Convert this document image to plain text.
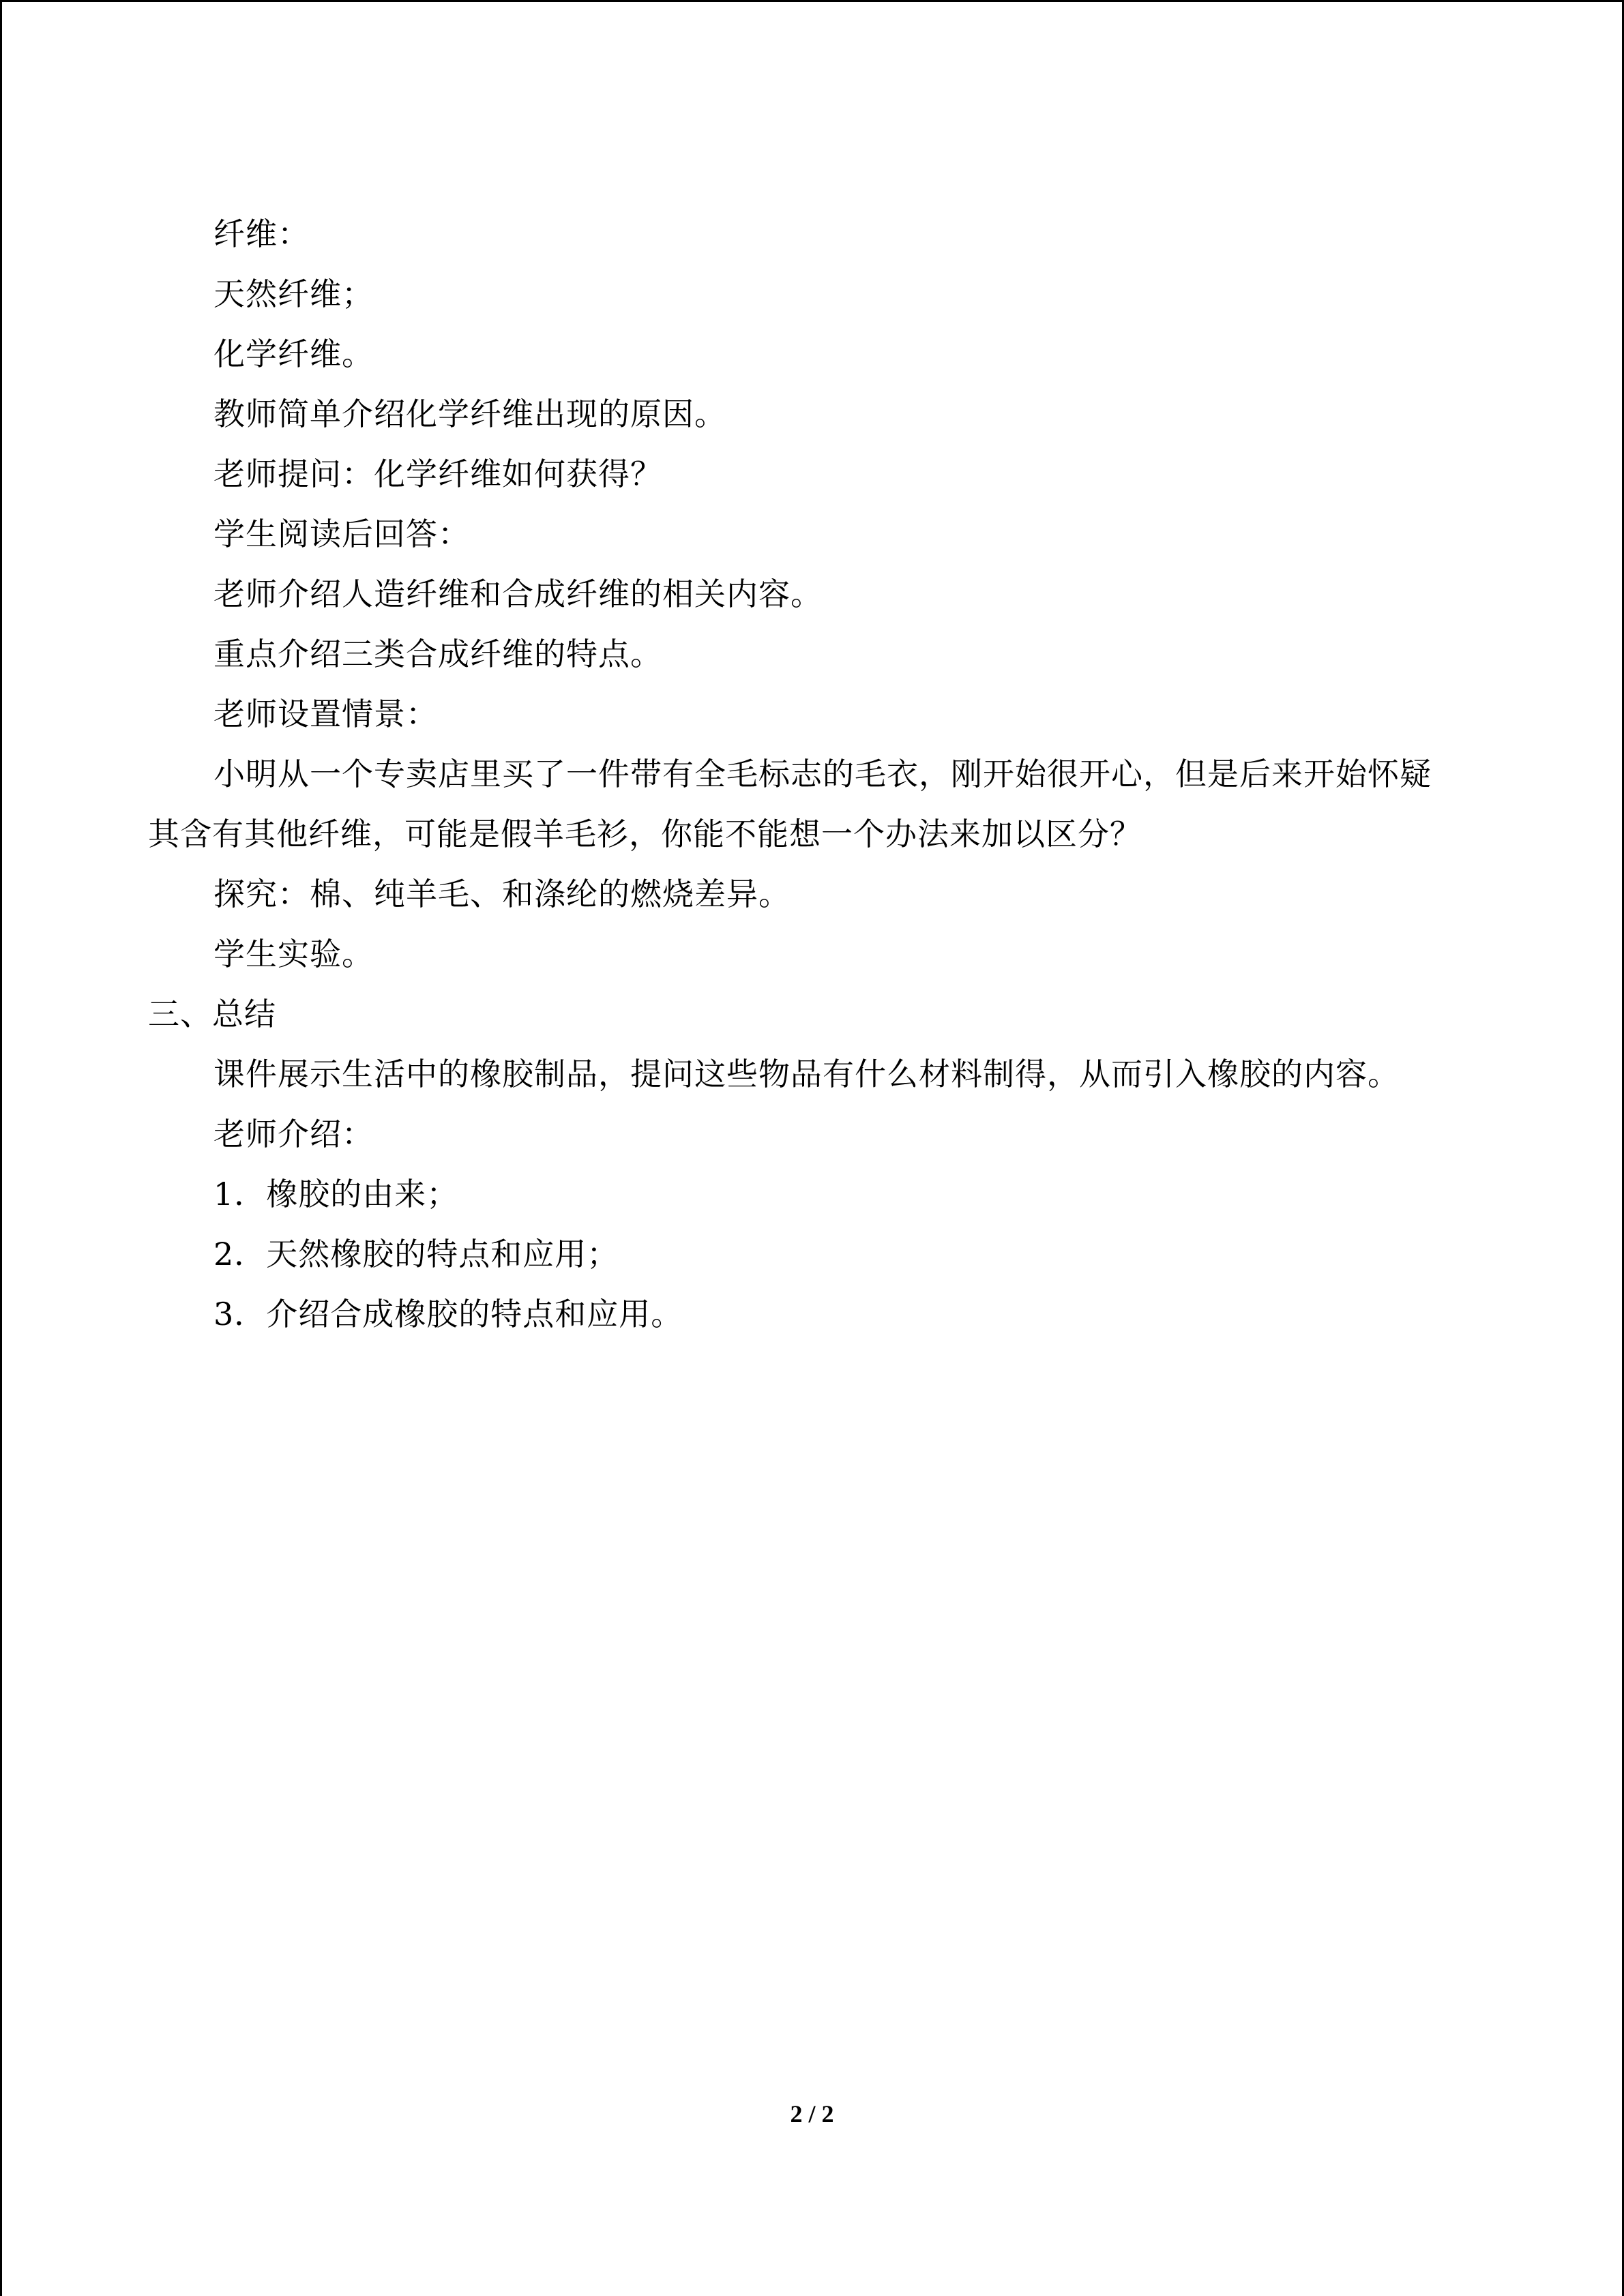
纤维：
天然纤维；
化学纤维。
教师简单介绍化学纤维出现的原因。
老师提问：化学纤维如何获得？
学生阅读后回答：
老师介绍人造纤维和合成纤维的相关内容。
重点介绍三类合成纤维的特点。
老师设置情景：
小明从一个专卖店里买了一件带有全毛标志的毛衣，刚开始很开心，但是后来开始怀疑
其含有其他纤维，可能是假羊毛衫，你能不能想一个办法来加以区分？
探究：棉、纯羊毛、和涤纶的燃烧差异。
学生实验。
三、总结
课件展示生活中的橡胶制品，提问这些物品有什么材料制得，从而引入橡胶的内容。
老师介绍：
1．橡胶的由来；
2．天然橡胶的特点和应用；
3．介绍合成橡胶的特点和应用。
2 / 2
